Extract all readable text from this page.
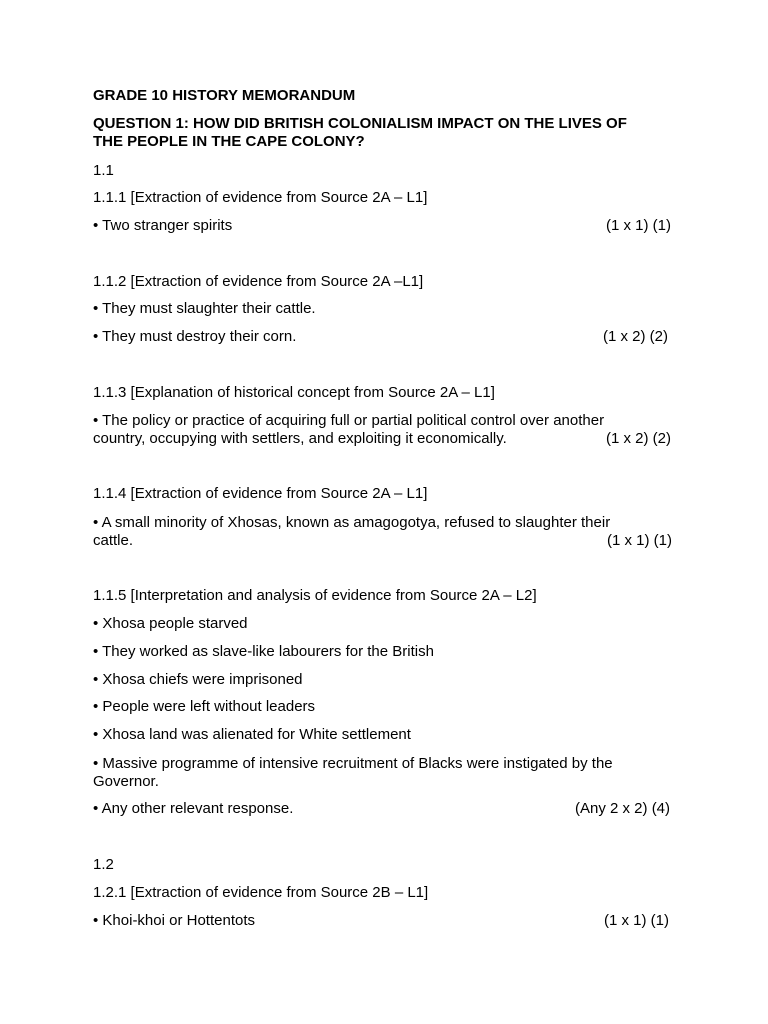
GRADE 10 HISTORY MEMORANDUM
QUESTION 1: HOW DID BRITISH COLONIALISM IMPACT ON THE LIVES OF
THE PEOPLE IN THE CAPE COLONY?
1.1
1.1.1 [Extraction of evidence from Source 2A – L1]
• Two stranger spirits	(1 x 1) (1)
1.1.2 [Extraction of evidence from Source 2A –L1]
• They must slaughter their cattle.
• They must destroy their corn.	(1 x 2) (2)
1.1.3 [Explanation of historical concept from Source 2A – L1]
• The policy or practice of acquiring full or partial political control over another
country, occupying with settlers, and exploiting it economically.	(1 x 2) (2)
1.1.4 [Extraction of evidence from Source 2A – L1]
• A small minority of Xhosas, known as amagogotya, refused to slaughter their
cattle.	(1 x 1) (1)
1.1.5 [Interpretation and analysis of evidence from Source 2A – L2]
• Xhosa people starved
• They worked as slave-like labourers for the British
• Xhosa chiefs were imprisoned
• People were left without leaders
• Xhosa land was alienated for White settlement
• Massive programme of intensive recruitment of Blacks were instigated by the
Governor.
• Any other relevant response.	(Any 2 x 2) (4)
1.2
1.2.1 [Extraction of evidence from Source 2B – L1]
• Khoi-khoi or Hottentots	(1 x 1) (1)
